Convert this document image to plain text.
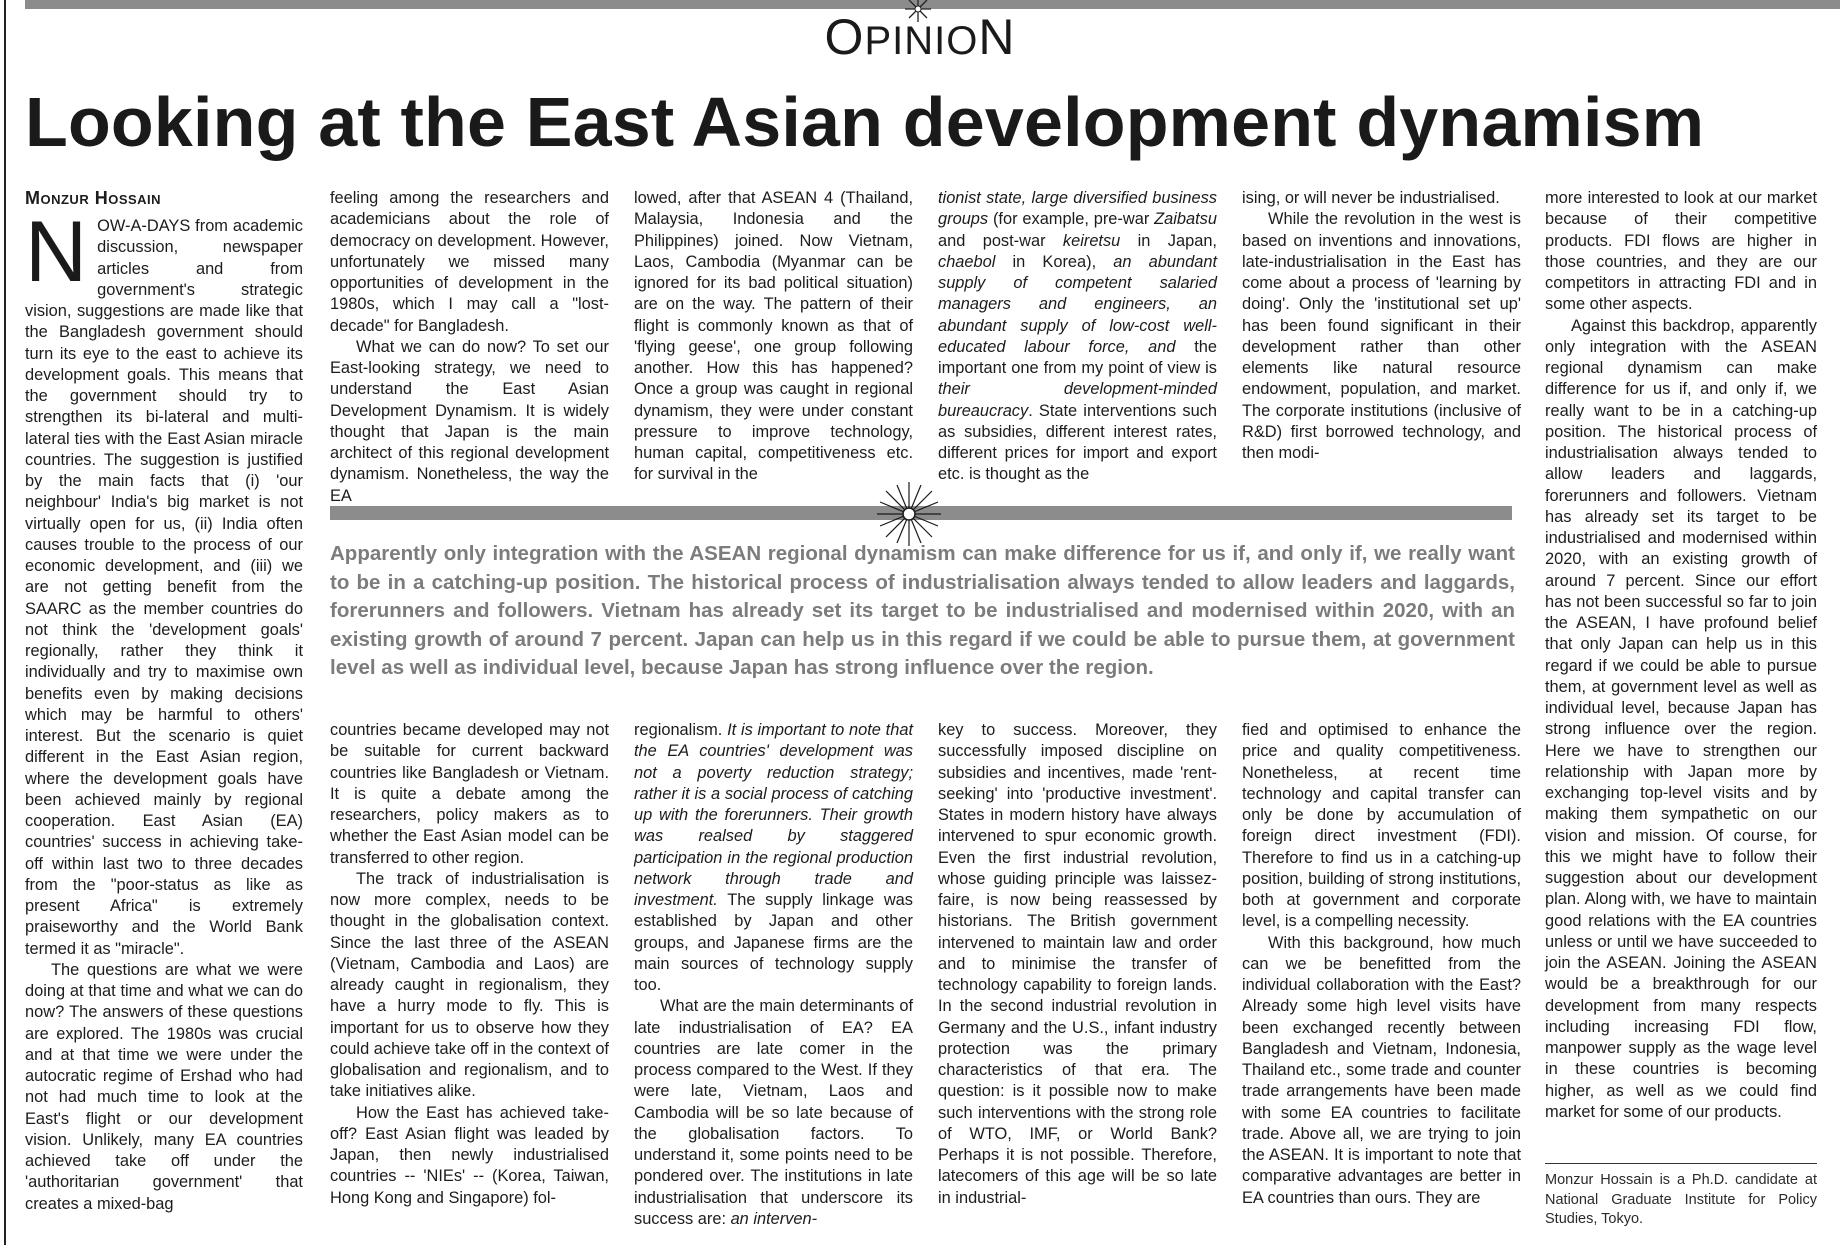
OPINION
Looking at the East Asian development dynamism
Monzur Hossain

NOW-A-DAYS from academic discussion, newspaper articles and from government's strategic vision, suggestions are made like that the Bangladesh government should turn its eye to the east to achieve its development goals. This means that the government should try to strengthen its bi-lateral and multi-lateral ties with the East Asian miracle countries. The suggestion is justified by the main facts that (i) 'our neighbour' India's big market is not virtually open for us, (ii) India often causes trouble to the process of our economic development, and (iii) we are not getting benefit from the SAARC as the member countries do not think the 'development goals' regionally, rather they think it individually and try to maximise own benefits even by making decisions which may be harmful to others' interest. But the scenario is quiet different in the East Asian region, where the development goals have been achieved mainly by regional cooperation. East Asian (EA) countries' success in achieving take-off within last two to three decades from the "poor-status as like as present Africa" is extremely praiseworthy and the World Bank termed it as "miracle".

The questions are what we were doing at that time and what we can do now? The answers of these questions are explored. The 1980s was crucial and at that time we were under the autocratic regime of Ershad who had not had much time to look at the East's flight or our development vision. Unlikely, many EA countries achieved take off under the 'authoritarian government' that creates a mixed-bag

feeling among the researchers and academicians about the role of democracy on development. However, unfortunately we missed many opportunities of development in the 1980s, which I may call a "lost-decade" for Bangladesh.

What we can do now? To set our East-looking strategy, we need to understand the East Asian Development Dynamism. It is widely thought that Japan is the main architect of this regional development dynamism. Nonetheless, the way the EA

lowed, after that ASEAN 4 (Thailand, Malaysia, Indonesia and the Philippines) joined. Now Vietnam, Laos, Cambodia (Myanmar can be ignored for its bad political situation) are on the way. The pattern of their flight is commonly known as that of 'flying geese', one group following another. How this has happened? Once a group was caught in regional dynamism, they were under constant pressure to improve technology, human capital, competitiveness etc. for survival in the

tionist state, large diversified business groups (for example, pre-war Zaibatsu and post-war keiretsu in Japan, chaebol in Korea), an abundant supply of competent salaried managers and engineers, an abundant supply of low-cost well-educated labour force, and the important one from my point of view is their development-minded bureaucracy. State interventions such as subsidies, different interest rates, different prices for import and export etc. is thought as the

ising, or will never be industrialised.

While the revolution in the west is based on inventions and innovations, late-industrialisation in the East has come about a process of 'learning by doing'. Only the 'institutional set up' has been found significant in their development rather than other elements like natural resource endowment, population, and market. The corporate institutions (inclusive of R&D) first borrowed technology, and then modi-

more interested to look at our market because of their competitive products. FDI flows are higher in those countries, and they are our competitors in attracting FDI and in some other aspects.

Against this backdrop, apparently only integration with the ASEAN regional dynamism can make difference for us if, and only if, we really want to be in a catching-up position. The historical process of industrialisation always tended to allow leaders and laggards, forerunners and followers. Vietnam has already set its target to be industrialised and modernised within 2020, with an existing growth of around 7 percent. Since our effort has not been successful so far to join the ASEAN, I have profound belief that only Japan can help us in this regard if we could be able to pursue them, at government level as well as individual level, because Japan has strong influence over the region. Here we have to strengthen our relationship with Japan more by exchanging top-level visits and by making them sympathetic on our vision and mission. Of course, for this we might have to follow their suggestion about our development plan. Along with, we have to maintain good relations with the EA countries unless or until we have succeeded to join the ASEAN. Joining the ASEAN would be a breakthrough for our development from many respects including increasing FDI flow, manpower supply as the wage level in these countries is becoming higher, as well as we could find market for some of our products.

Apparently only integration with the ASEAN regional dynamism can make difference for us if, and only if, we really want to be in a catching-up position. The historical process of industrialisation always tended to allow leaders and laggards, forerunners and followers. Vietnam has already set its target to be industrialised and modernised within 2020, with an existing growth of around 7 percent. Japan can help us in this regard if we could be able to pursue them, at government level as well as individual level, because Japan has strong influence over the region.

countries became developed may not be suitable for current backward countries like Bangladesh or Vietnam. It is quite a debate among the researchers, policy makers as to whether the East Asian model can be transferred to other region.

The track of industrialisation is now more complex, needs to be thought in the globalisation context. Since the last three of the ASEAN (Vietnam, Cambodia and Laos) are already caught in regionalism, they have a hurry mode to fly. This is important for us to observe how they could achieve take off in the context of globalisation and regionalism, and to take initiatives alike.

How the East has achieved take-off? East Asian flight was leaded by Japan, then newly industrialised countries -- 'NIEs' -- (Korea, Taiwan, Hong Kong and Singapore) fol-

regionalism. It is important to note that the EA countries' development was not a poverty reduction strategy; rather it is a social process of catching up with the forerunners. Their growth was realsed by staggered participation in the regional production network through trade and investment. The supply linkage was established by Japan and other groups, and Japanese firms are the main sources of technology supply too.

What are the main determinants of late industrialisation of EA? EA countries are late comer in the process compared to the West. If they were late, Vietnam, Laos and Cambodia will be so late because of the globalisation factors. To understand it, some points need to be pondered over. The institutions in late industrialisation that underscore its success are: an interven-

key to success. Moreover, they successfully imposed discipline on subsidies and incentives, made 'rent-seeking' into 'productive investment'. States in modern history have always intervened to spur economic growth. Even the first industrial revolution, whose guiding principle was laissez-faire, is now being reassessed by historians. The British government intervened to maintain law and order and to minimise the transfer of technology capability to foreign lands. In the second industrial revolution in Germany and the U.S., infant industry protection was the primary characteristics of that era. The question: is it possible now to make such interventions with the strong role of WTO, IMF, or World Bank? Perhaps it is not possible. Therefore, latecomers of this age will be so late in industrial-

fied and optimised to enhance the price and quality competitiveness. Nonetheless, at recent time technology and capital transfer can only be done by accumulation of foreign direct investment (FDI). Therefore to find us in a catching-up position, building of strong institutions, both at government and corporate level, is a compelling necessity.

With this background, how much can we be benefitted from the individual collaboration with the East? Already some high level visits have been exchanged recently between Bangladesh and Vietnam, Indonesia, Thailand etc., some trade and counter trade arrangements have been made with some EA countries to facilitate trade. Above all, we are trying to join the ASEAN. It is important to note that comparative advantages are better in EA countries than ours. They are

Monzur Hossain is a Ph.D. candidate at National Graduate Institute for Policy Studies, Tokyo.
